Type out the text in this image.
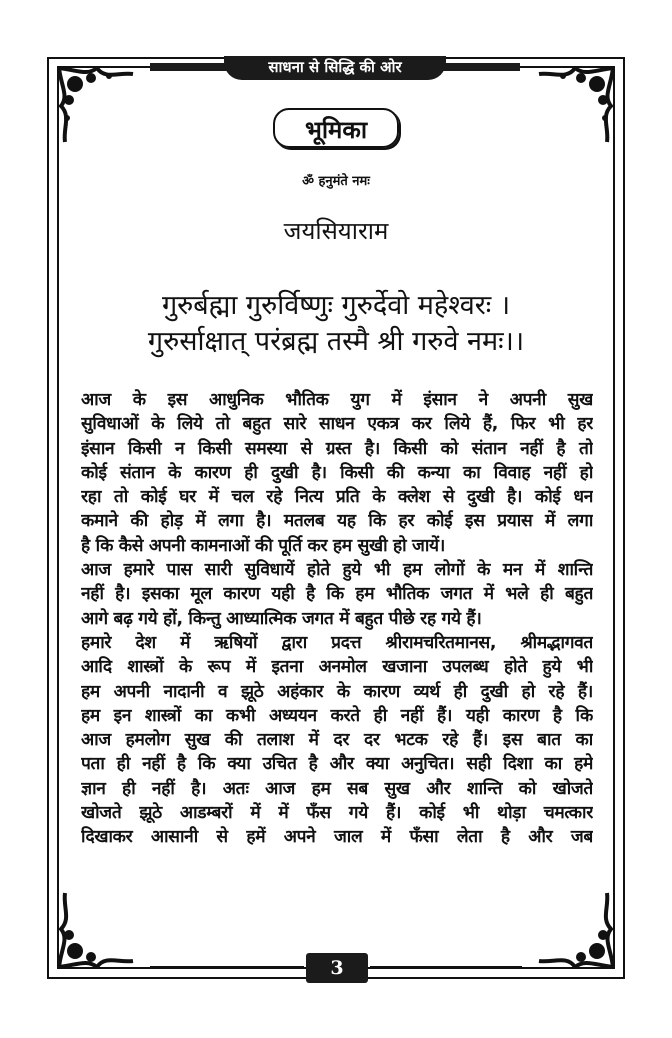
साधना से सिद्धि की ओर
भूमिका
ॐ हनुमंते नमः
जयसियाराम
गुरुर्बह्मा गुरुर्विष्णुः गुरुर्देवो महेश्वरः ।
गुरुर्साक्षात् परंब्रह्म तस्मै श्री गरुवे नमः।।
आज के इस आधुनिक भौतिक युग में इंसान ने अपनी सुख
सुविधाओं के लिये तो बहुत सारे साधन एकत्र कर लिये हैं, फिर भी हर
इंसान किसी न किसी समस्या से ग्रस्त है। किसी को संतान नहीं है तो
कोई संतान के कारण ही दुखी है। किसी की कन्या का विवाह नहीं हो
रहा तो कोई घर में चल रहे नित्य प्रति के क्लेश से दुखी है। कोई धन
कमाने की होड़ में लगा है। मतलब यह कि हर कोई इस प्रयास में लगा
है कि कैसे अपनी कामनाओं की पूर्ति कर हम सुखी हो जायें।
आज हमारे पास सारी सुविधायें होते हुये भी हम लोगों के मन में शान्ति
नहीं है। इसका मूल कारण यही है कि हम भौतिक जगत में भले ही बहुत
आगे बढ़ गये हों, किन्तु आध्यात्मिक जगत में बहुत पीछे रह गये हैं।
हमारे देश में ऋषियों द्वारा प्रदत्त श्रीरामचरितमानस, श्रीमद्भागवत
आदि शास्त्रों के रूप में इतना अनमोल खजाना उपलब्ध होते हुये भी
हम अपनी नादानी व झूठे अहंकार के कारण व्यर्थ ही दुखी हो रहे हैं।
हम इन शास्त्रों का कभी अध्ययन करते ही नहीं हैं। यही कारण है कि
आज हमलोग सुख की तलाश में दर दर भटक रहे हैं। इस बात का
पता ही नहीं है कि क्या उचित है और क्या अनुचित। सही दिशा का हमे
ज्ञान ही नहीं है। अतः आज हम सब सुख और शान्ति को खोजते
खोजते झूठे आडम्बरों में में फँस गये हैं। कोई भी थोड़ा चमत्कार
दिखाकर आसानी से हमें अपने जाल में फँसा लेता है और जब
3
